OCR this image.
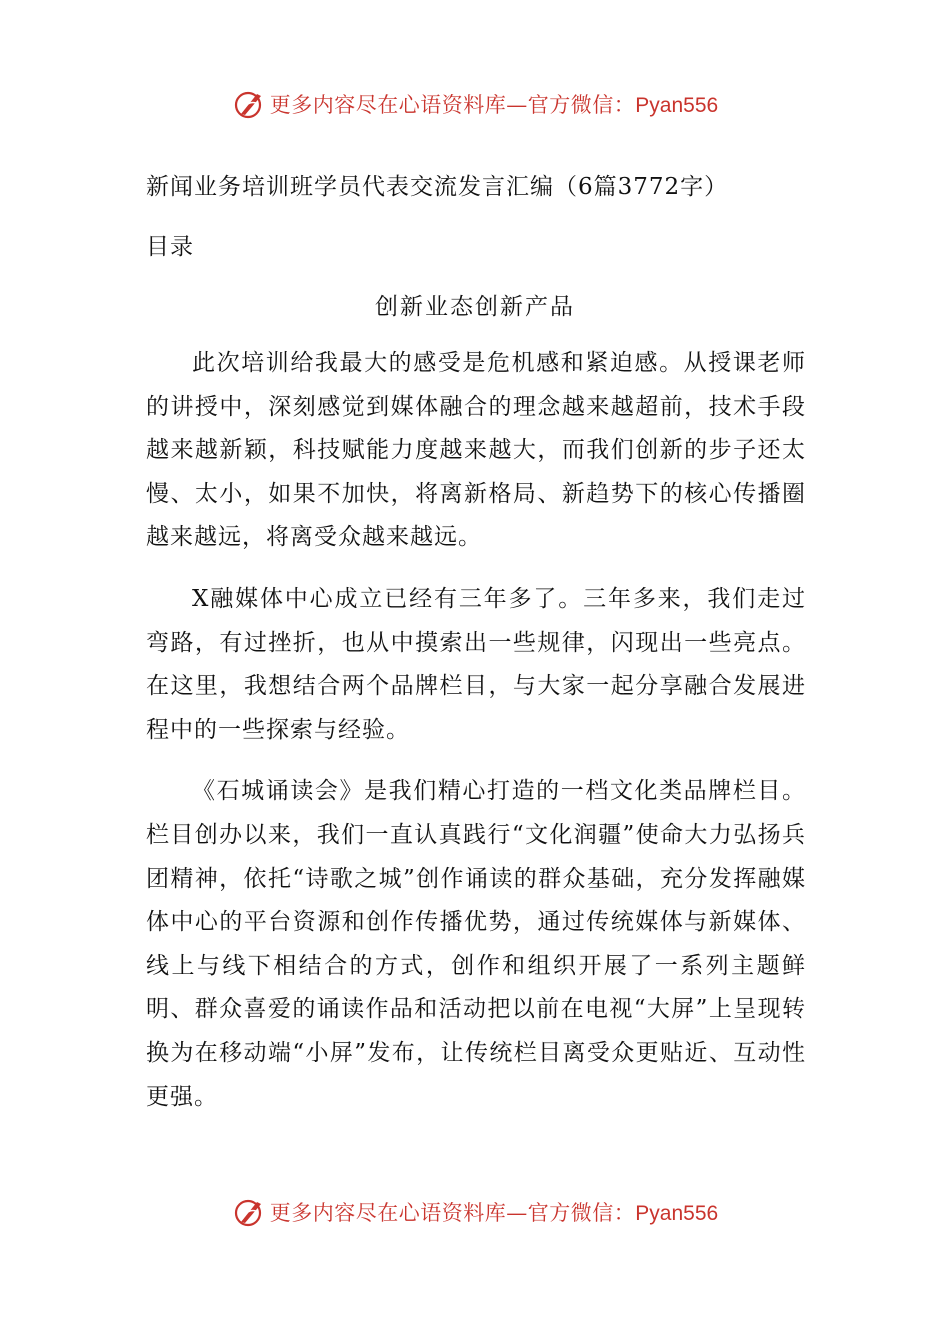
更多内容尽在心语资料库—官方微信：Pyan556
新闻业务培训班学员代表交流发言汇编（6篇3772字）
目录
创新业态创新产品

此次培训给我最大的感受是危机感和紧迫感。从授课老师的讲授中，深刻感觉到媒体融合的理念越来越超前，技术手段越来越新颖，科技赋能力度越来越大，而我们创新的步子还太慢、太小，如果不加快，将离新格局、新趋势下的核心传播圈越来越远，将离受众越来越远。

X融媒体中心成立已经有三年多了。三年多来，我们走过弯路，有过挫折，也从中摸索出一些规律，闪现出一些亮点。在这里，我想结合两个品牌栏目，与大家一起分享融合发展进程中的一些探索与经验。

《石城诵读会》是我们精心打造的一档文化类品牌栏目。栏目创办以来，我们一直认真践行“文化润疆”使命大力弘扬兵团精神，依托“诗歌之城”创作诵读的群众基础，充分发挥融媒体中心的平台资源和创作传播优势，通过传统媒体与新媒体、线上与线下相结合的方式，创作和组织开展了一系列主题鲜明、群众喜爱的诵读作品和活动把以前在电视“大屏”上呈现转换为在移动端“小屏”发布，让传统栏目离受众更贴近、互动性更强。

更多内容尽在心语资料库—官方微信：Pyan556
